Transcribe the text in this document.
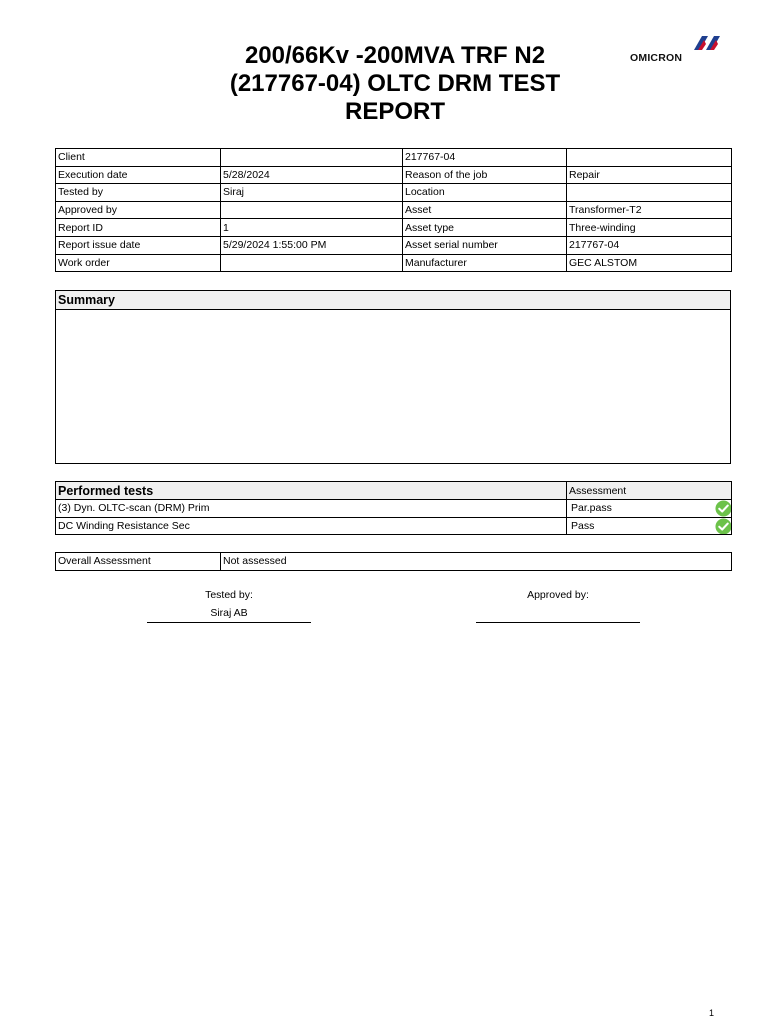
200/66Kv -200MVA TRF N2
(217767-04) OLTC DRM TEST
REPORT
OMICRON
Client		217767-04	
Execution date	5/28/2024	Reason of the job	Repair
Tested by	Siraj	Location	
Approved by		Asset	Transformer-T2
Report ID	1	Asset type	Three-winding
Report issue date	5/29/2024 1:55:00 PM	Asset serial number	217767-04
Work order		Manufacturer	GEC ALSTOM
Summary
Performed tests	Assessment
(3) Dyn. OLTC-scan (DRM) Prim	Par.pass

DC Winding Resistance Sec	Pass
Overall Assessment	Not assessed
Tested by:
Siraj AB
Approved by:
1
